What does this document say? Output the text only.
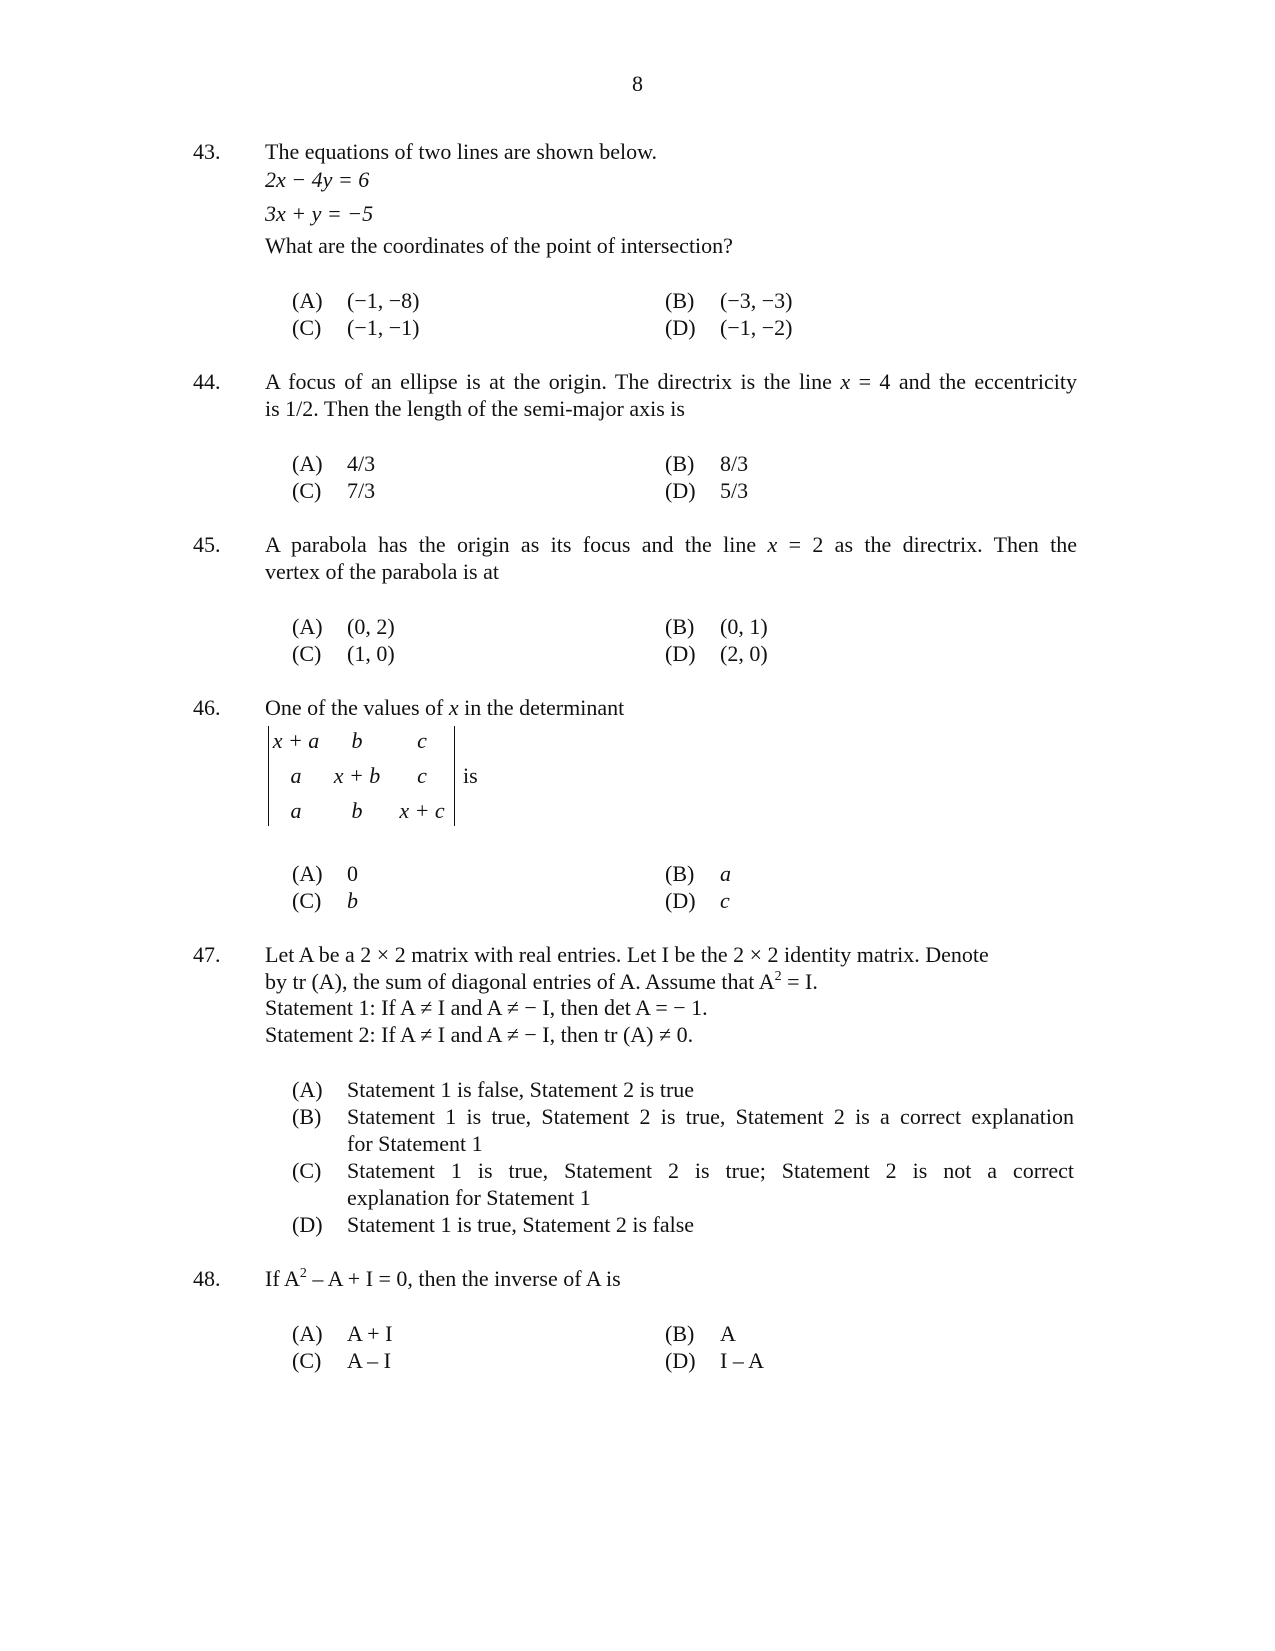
8
43. The equations of two lines are shown below.
2x − 4y = 6
3x + y = −5
What are the coordinates of the point of intersection?
(A) (−1, −8)	(B) (−3, −3)
(C) (−1, −1)	(D) (−1, −2)
44. A focus of an ellipse is at the origin. The directrix is the line x = 4 and the eccentricity
is 1/2. Then the length of the semi-major axis is
(A) 4/3	(B) 8/3
(C) 7/3	(D) 5/3
45. A parabola has the origin as its focus and the line x = 2 as the directrix. Then the
vertex of the parabola is at
(A) (0, 2)	(B) (0, 1)
(C) (1, 0)	(D) (2, 0)
46. One of the values of x in the determinant
x + a	b	c
a	x + b	c
a	b	x + c
is
(A) 0	(B) a
(C) b	(D) c
47. Let A be a 2 × 2 matrix with real entries. Let I be the 2 × 2 identity matrix. Denote
by tr (A), the sum of diagonal entries of A. Assume that $A^2 = I$.
Statement 1: If A ≠ I and A ≠ − I, then det A = − 1.
Statement 2: If A ≠ I and A ≠ − I, then tr (A) ≠ 0.
(A) Statement 1 is false, Statement 2 is true
(B) Statement 1 is true, Statement 2 is true, Statement 2 is a correct explanation
for Statement 1
(C) Statement 1 is true, Statement 2 is true; Statement 2 is not a correct
explanation for Statement 1
(D) Statement 1 is true, Statement 2 is false
48. If $A^2 - A + I = 0$, then the inverse of A is
(A) A + I	(B) A
(C) A – I	(D) I – A
